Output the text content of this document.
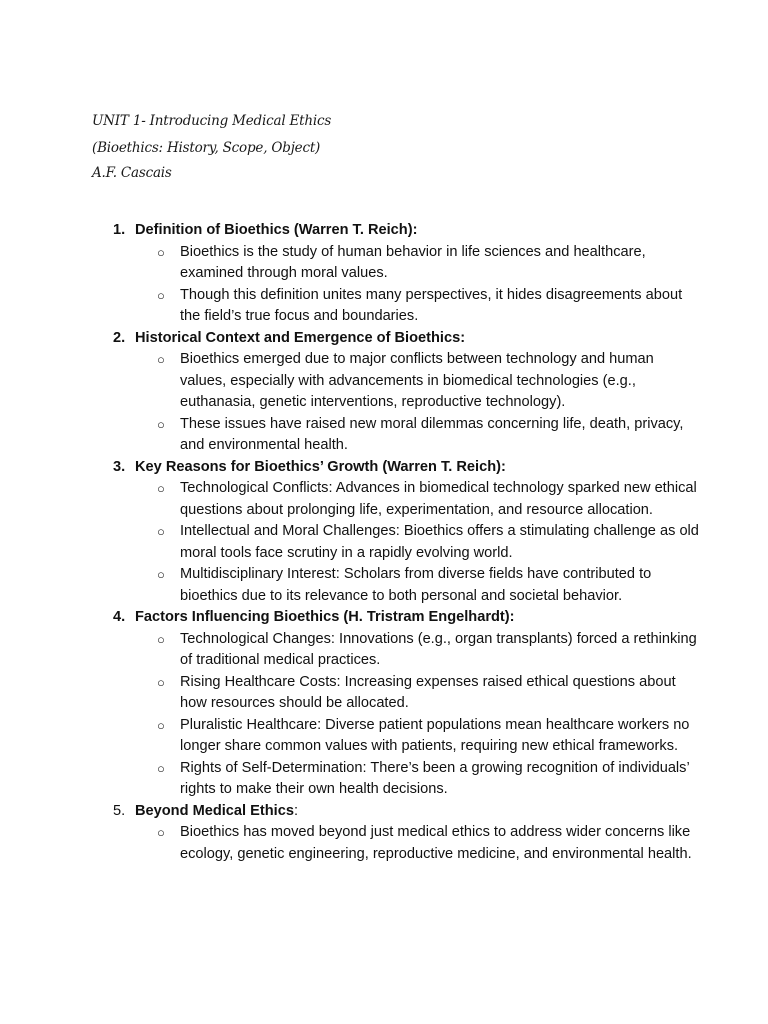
UNIT 1- Introducing Medical Ethics
(Bioethics: History, Scope, Object)
A.F. Cascais
1. Definition of Bioethics (Warren T. Reich):
○ Bioethics is the study of human behavior in life sciences and healthcare, examined through moral values.
○ Though this definition unites many perspectives, it hides disagreements about the field’s true focus and boundaries.
2. Historical Context and Emergence of Bioethics:
○ Bioethics emerged due to major conflicts between technology and human values, especially with advancements in biomedical technologies (e.g., euthanasia, genetic interventions, reproductive technology).
○ These issues have raised new moral dilemmas concerning life, death, privacy, and environmental health.
3. Key Reasons for Bioethics’ Growth (Warren T. Reich):
○ Technological Conflicts: Advances in biomedical technology sparked new ethical questions about prolonging life, experimentation, and resource allocation.
○ Intellectual and Moral Challenges: Bioethics offers a stimulating challenge as old moral tools face scrutiny in a rapidly evolving world.
○ Multidisciplinary Interest: Scholars from diverse fields have contributed to bioethics due to its relevance to both personal and societal behavior.
4. Factors Influencing Bioethics (H. Tristram Engelhardt):
○ Technological Changes: Innovations (e.g., organ transplants) forced a rethinking of traditional medical practices.
○ Rising Healthcare Costs: Increasing expenses raised ethical questions about how resources should be allocated.
○ Pluralistic Healthcare: Diverse patient populations mean healthcare workers no longer share common values with patients, requiring new ethical frameworks.
○ Rights of Self-Determination: There’s been a growing recognition of individuals’ rights to make their own health decisions.
5. Beyond Medical Ethics:
○ Bioethics has moved beyond just medical ethics to address wider concerns like ecology, genetic engineering, reproductive medicine, and environmental health.
